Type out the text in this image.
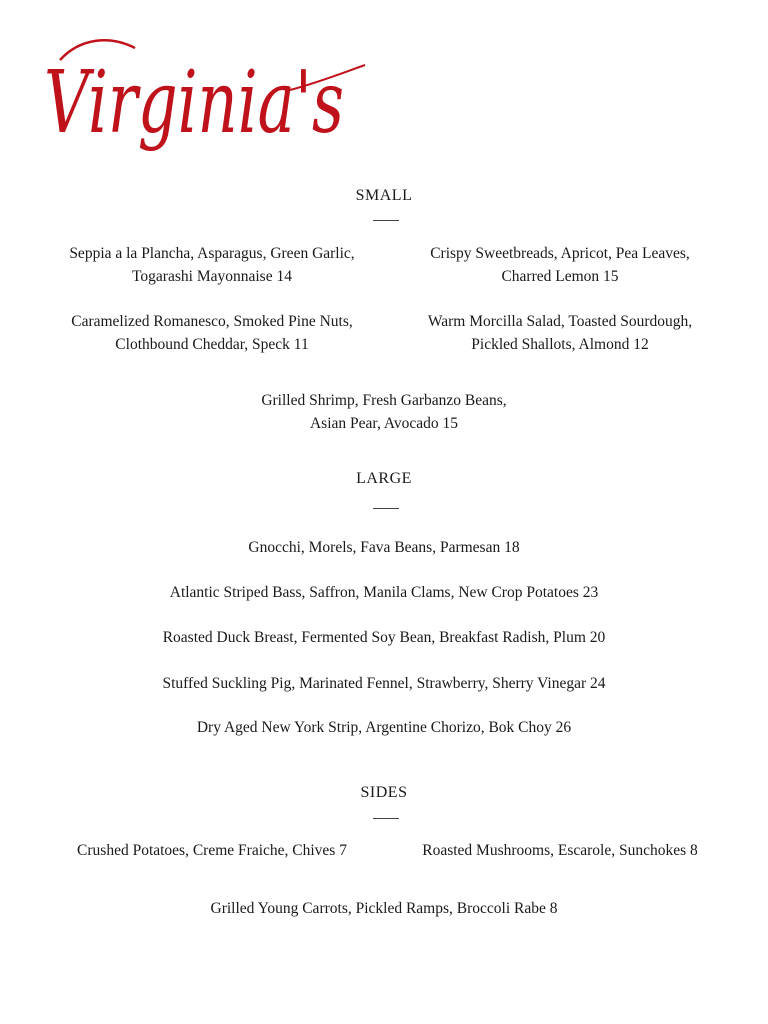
Virginia's
SMALL
Seppia a la Plancha, Asparagus, Green Garlic,
Togarashi Mayonnaise 14
Crispy Sweetbreads, Apricot, Pea Leaves,
Charred Lemon 15
Caramelized Romanesco, Smoked Pine Nuts,
Clothbound Cheddar, Speck 11
Warm Morcilla Salad, Toasted Sourdough,
Pickled Shallots, Almond 12
Grilled Shrimp, Fresh Garbanzo Beans,
Asian Pear, Avocado 15
LARGE
Gnocchi, Morels, Fava Beans, Parmesan 18
Atlantic Striped Bass, Saffron, Manila Clams, New Crop Potatoes 23
Roasted Duck Breast, Fermented Soy Bean, Breakfast Radish, Plum 20
Stuffed Suckling Pig, Marinated Fennel, Strawberry, Sherry Vinegar 24
Dry Aged New York Strip, Argentine Chorizo, Bok Choy 26
SIDES
Crushed Potatoes, Creme Fraiche, Chives 7	Roasted Mushrooms, Escarole, Sunchokes 8
Grilled Young Carrots, Pickled Ramps, Broccoli Rabe 8
